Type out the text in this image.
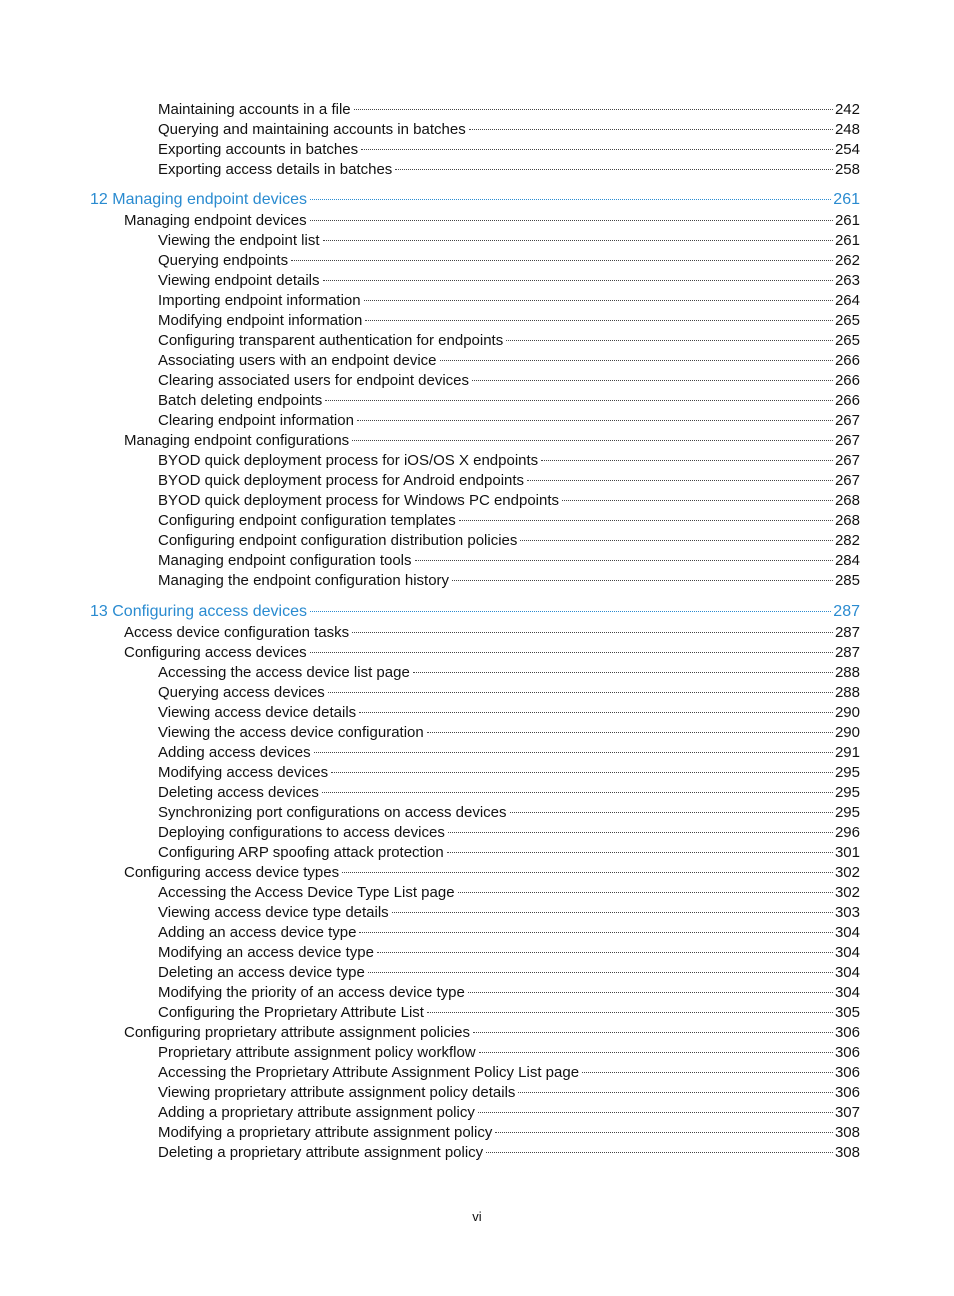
Maintaining accounts in a file	242
Querying and maintaining accounts in batches	248
Exporting accounts in batches	254
Exporting access details in batches	258
12 Managing endpoint devices	261
Managing endpoint devices	261
Viewing the endpoint list	261
Querying endpoints	262
Viewing endpoint details	263
Importing endpoint information	264
Modifying endpoint information	265
Configuring transparent authentication for endpoints	265
Associating users with an endpoint device	266
Clearing associated users for endpoint devices	266
Batch deleting endpoints	266
Clearing endpoint information	267
Managing endpoint configurations	267
BYOD quick deployment process for iOS/OS X endpoints	267
BYOD quick deployment process for Android endpoints	267
BYOD quick deployment process for Windows PC endpoints	268
Configuring endpoint configuration templates	268
Configuring endpoint configuration distribution policies	282
Managing endpoint configuration tools	284
Managing the endpoint configuration history	285
13 Configuring access devices	287
Access device configuration tasks	287
Configuring access devices	287
Accessing the access device list page	288
Querying access devices	288
Viewing access device details	290
Viewing the access device configuration	290
Adding access devices	291
Modifying access devices	295
Deleting access devices	295
Synchronizing port configurations on access devices	295
Deploying configurations to access devices	296
Configuring ARP spoofing attack protection	301
Configuring access device types	302
Accessing the Access Device Type List page	302
Viewing access device type details	303
Adding an access device type	304
Modifying an access device type	304
Deleting an access device type	304
Modifying the priority of an access device type	304
Configuring the Proprietary Attribute List	305
Configuring proprietary attribute assignment policies	306
Proprietary attribute assignment policy workflow	306
Accessing the Proprietary Attribute Assignment Policy List page	306
Viewing proprietary attribute assignment policy details	306
Adding a proprietary attribute assignment policy	307
Modifying a proprietary attribute assignment policy	308
Deleting a proprietary attribute assignment policy	308
vi
